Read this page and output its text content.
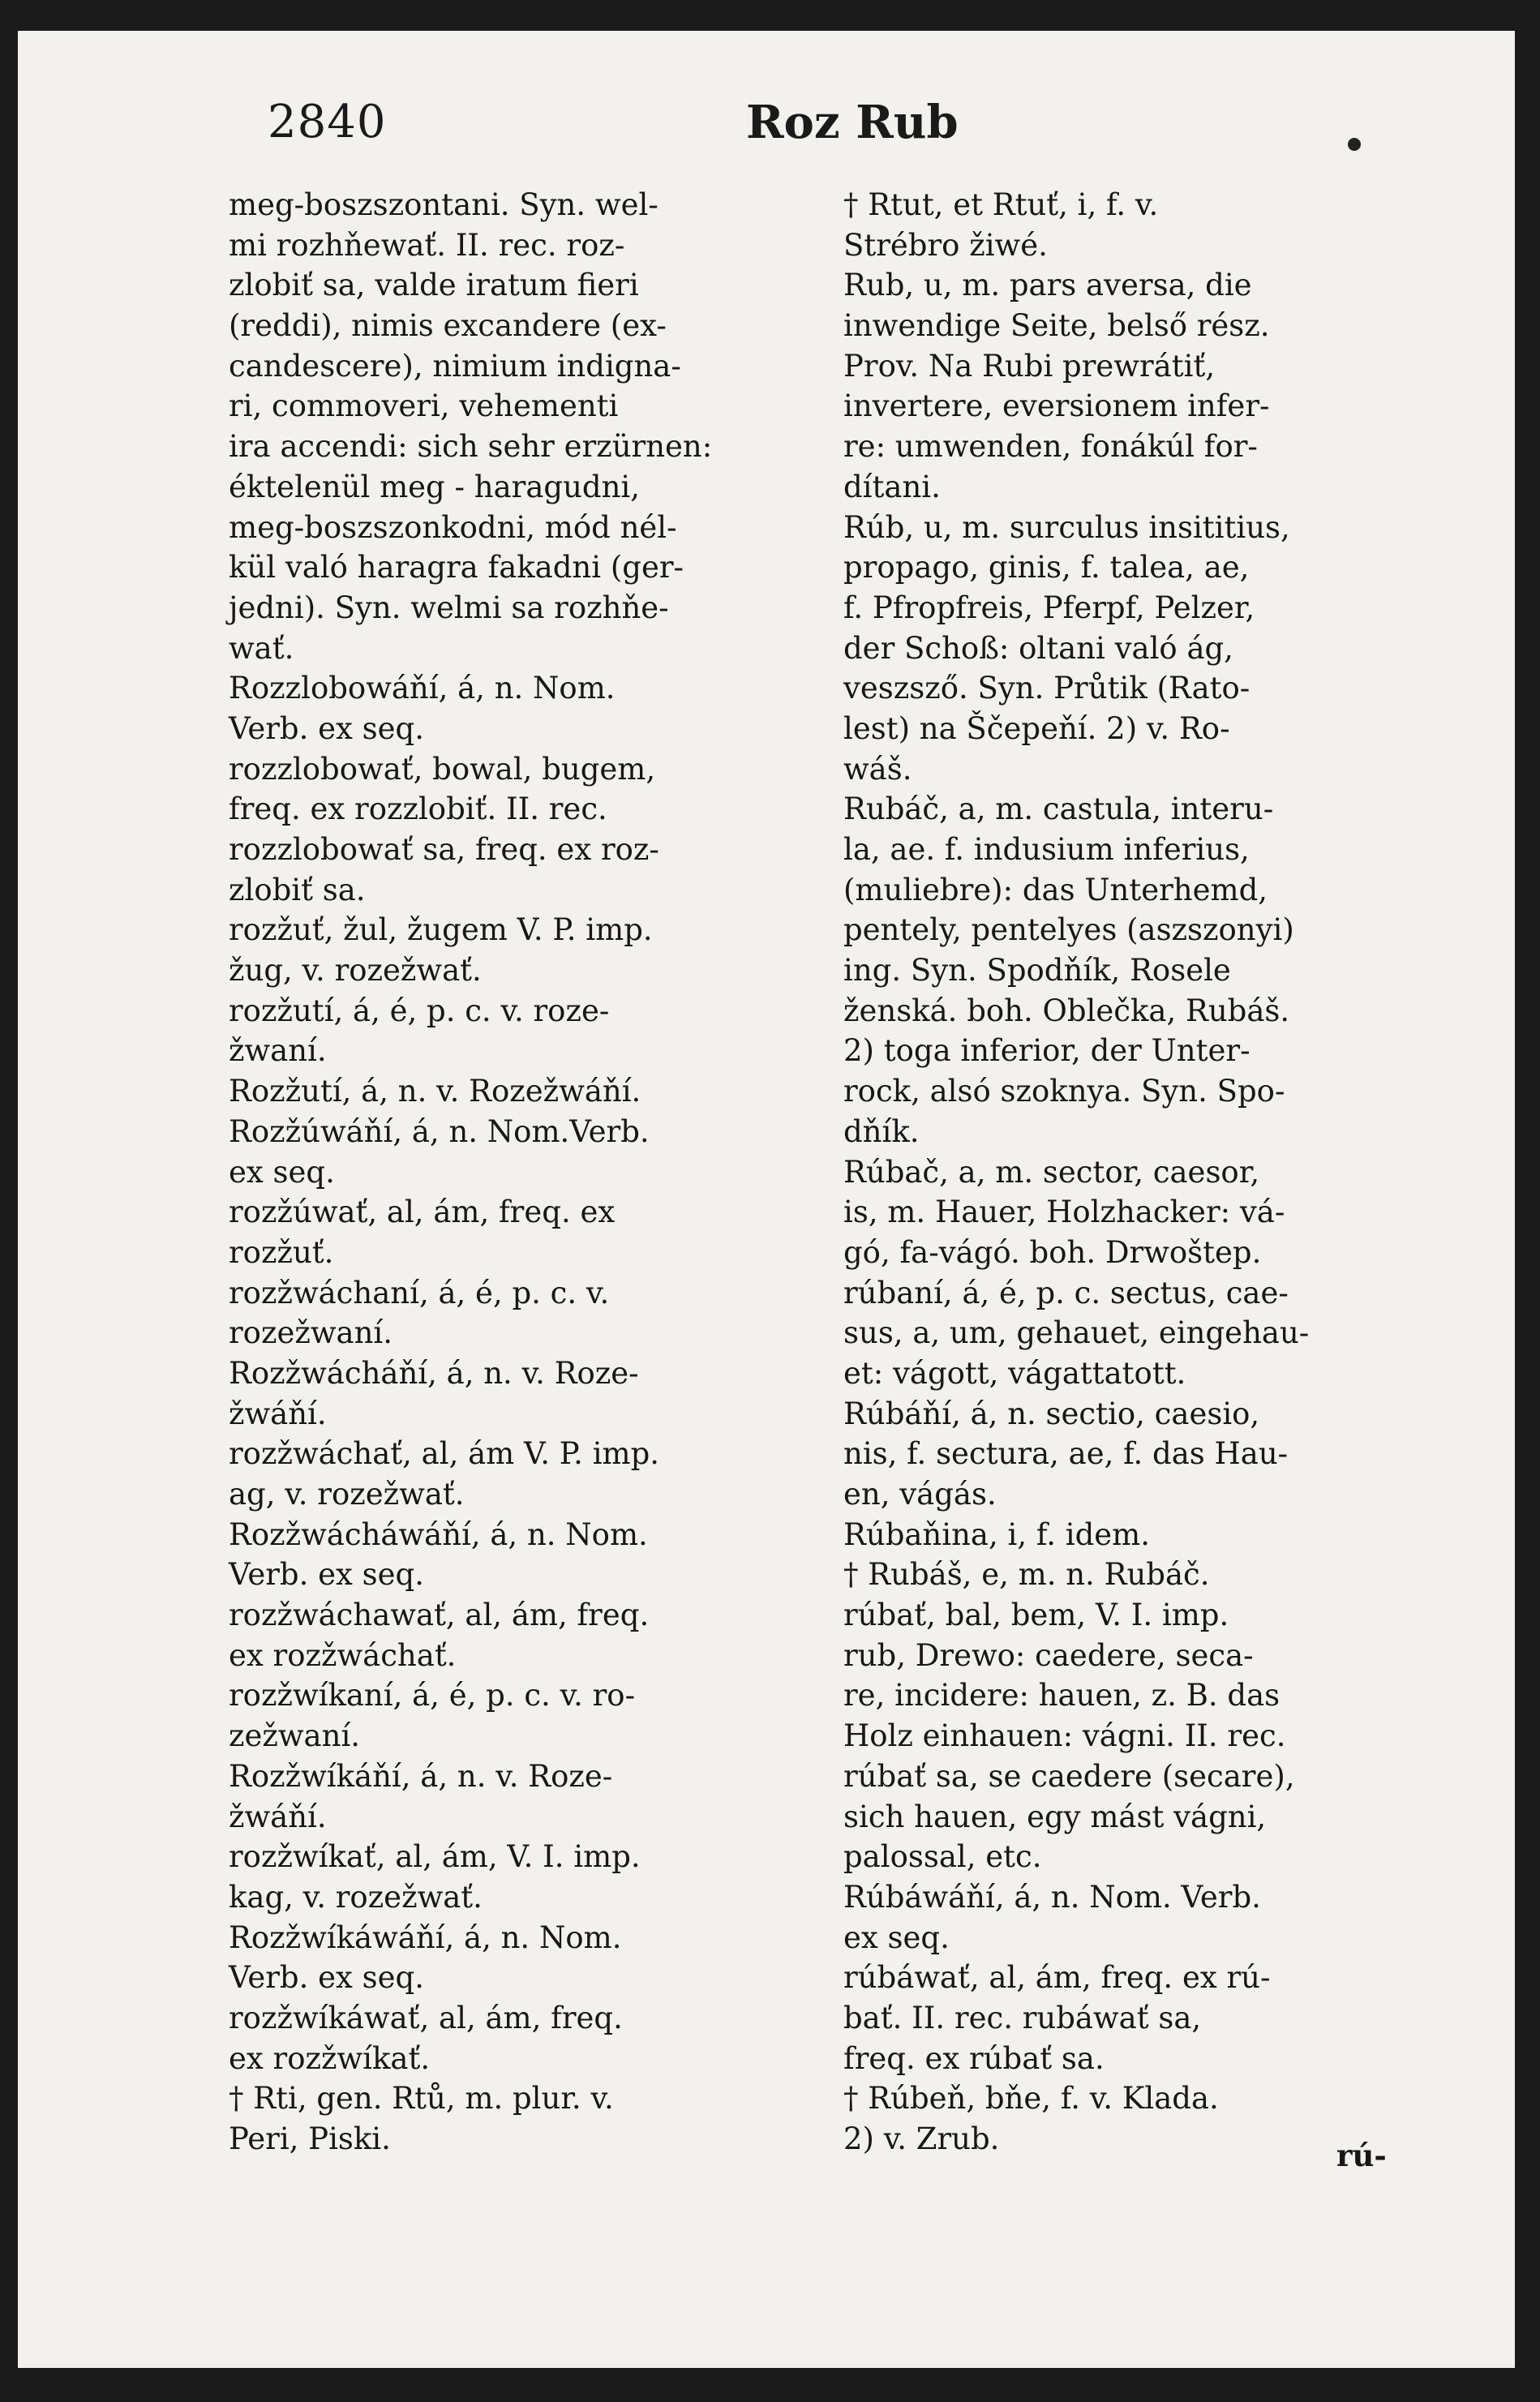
2840	Roz Rub
meg-boszszontani. Syn. wel-
mi rozhňewať. II. rec. roz-
zlobiť sa, valde iratum fieri
(reddi), nimis excandere (ex-
candescere), nimium indigna-
ri, commoveri, vehementi
ira accendi: sich sehr erzürnen:
éktelenül meg - haragudni,
meg-boszszonkodni, mód nél-
kül való haragra fakadni (ger-
jedni). Syn. welmi sa rozhňe-
wať.
Rozzlobowáňí, á, n. Nom.
Verb. ex seq.
rozzlobowať, bowal, bugem,
freq. ex rozzlobiť. II. rec.
rozzlobowať sa, freq. ex roz-
zlobiť sa.
rozžuť, žul, žugem V. P. imp.
žug, v. rozežwať.
rozžutí, á, é, p. c. v. roze-
žwaní.
Rozžutí, á, n. v. Rozežwáňí.
Rozžúwáňí, á, n. Nom.Verb.
ex seq.
rozžúwať, al, ám, freq. ex
rozžuť.
rozžwáchaní, á, é, p. c. v.
rozežwaní.
Rozžwácháňí, á, n. v. Roze-
žwáňí.
rozžwáchať, al, ám V. P. imp.
ag, v. rozežwať.
Rozžwácháwáňí, á, n. Nom.
Verb. ex seq.
rozžwáchawať, al, ám, freq.
ex rozžwáchať.
rozžwíkaní, á, é, p. c. v. ro-
zežwaní.
Rozžwíkáňí, á, n. v. Roze-
žwáňí.
rozžwíkať, al, ám, V. I. imp.
kag, v. rozežwať.
Rozžwíkáwáňí, á, n. Nom.
Verb. ex seq.
rozžwíkáwať, al, ám, freq.
ex rozžwíkať.
† Rti, gen. Rtů, m. plur. v.
Peri, Piski.
† Rtut, et Rtuť, i, f. v.
Strébro žiwé.
Rub, u, m. pars aversa, die
inwendige Seite, belső rész.
Prov. Na Rubi prewrátiť,
invertere, eversionem infer-
re: umwenden, fonákúl for-
dítani.
Rúb, u, m. surculus insititius,
propago, ginis, f. talea, ae,
f. Pfropfreis, Pferpf, Pelzer,
der Schoß: oltani való ág,
veszsző. Syn. Průtik (Rato-
lest) na Ščepeňí. 2) v. Ro-
wáš.
Rubáč, a, m. castula, interu-
la, ae. f. indusium inferius,
(muliebre): das Unterhemd,
pentely, pentelyes (aszszonyi)
ing. Syn. Spodňík, Rosele
ženská. boh. Oblečka, Rubáš.
2) toga inferior, der Unter-
rock, alsó szoknya. Syn. Spo-
dňík.
Rúbač, a, m. sector, caesor,
is, m. Hauer, Holzhacker: vá-
gó, fa-vágó. boh. Drwoštep.
rúbaní, á, é, p. c. sectus, cae-
sus, a, um, gehauet, eingehau-
et: vágott, vágattatott.
Rúbáňí, á, n. sectio, caesio,
nis, f. sectura, ae, f. das Hau-
en, vágás.
Rúbaňina, i, f. idem.
† Rubáš, e, m. n. Rubáč.
rúbať, bal, bem, V. I. imp.
rub, Drewo: caedere, seca-
re, incidere: hauen, z. B. das
Holz einhauen: vágni. II. rec.
rúbať sa, se caedere (secare),
sich hauen, egy mást vágni,
palossal, etc.
Rúbáwáňí, á, n. Nom. Verb.
ex seq.
rúbáwať, al, ám, freq. ex rú-
bať. II. rec. rubáwať sa,
freq. ex rúbať sa.
† Rúbeň, bňe, f. v. Klada.
2) v. Zrub.	rú-
